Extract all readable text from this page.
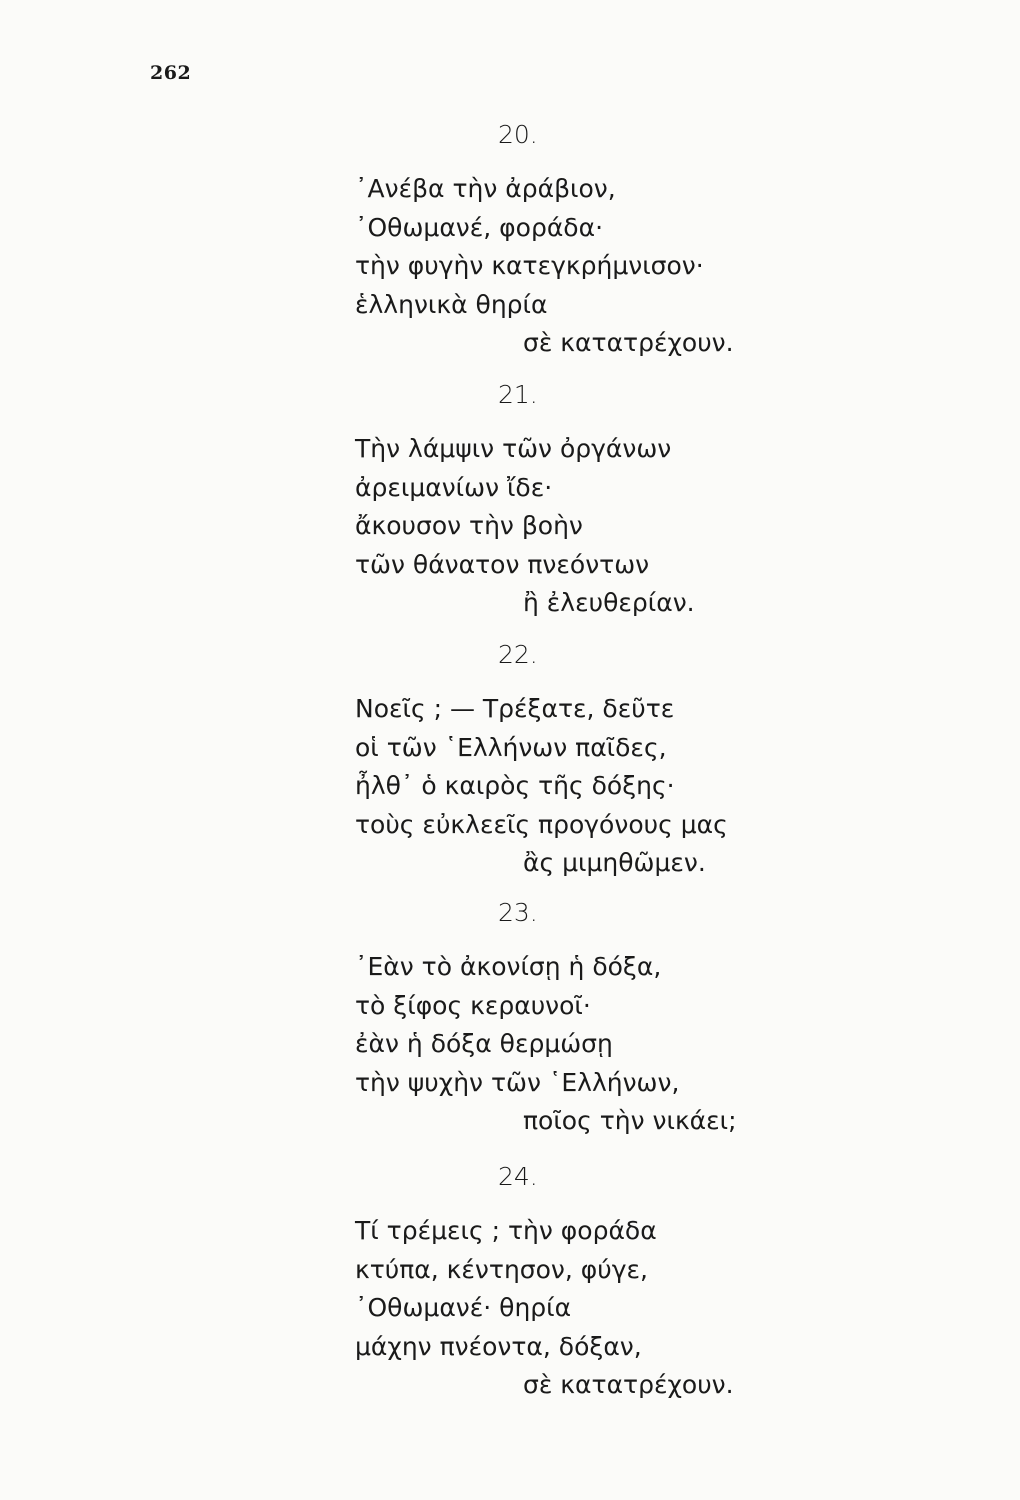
262
20.
᾿Ανέβα τὴν ἀράβιον,
᾿Οθωμανέ, φοράδα·
τὴν φυγὴν κατεγκρήμνισον·
ἑλληνικὰ θηρία
σὲ κατατρέχουν.
21.
Τὴν λάμψιν τῶν ὀργάνων
ἀρειμανίων ἴδε·
ἄκουσον τὴν βοὴν
τῶν θάνατον πνεόντων
ἢ ἐλευθερίαν.
22.
Νοεῖς ; — Τρέξατε, δεῦτε
οἱ τῶν ῾Ελλήνων παῖδες,
ἦλθ᾿ ὁ καιρὸς τῆς δόξης·
τοὺς εὐκλεεῖς προγόνους μας
ἂς μιμηθῶμεν.
23.
᾿Εὰν τὸ ἀκονίσῃ ἡ δόξα,
τὸ ξίφος κεραυνοῖ·
ἐὰν ἡ δόξα θερμώσῃ
τὴν ψυχὴν τῶν ῾Ελλήνων,
ποῖος τὴν νικάει;
24.
Τί τρέμεις ; τὴν φοράδα
κτύπα, κέντησον, φύγε,
᾿Οθωμανέ· θηρία
μάχην πνέοντα, δόξαν,
σὲ κατατρέχουν.
